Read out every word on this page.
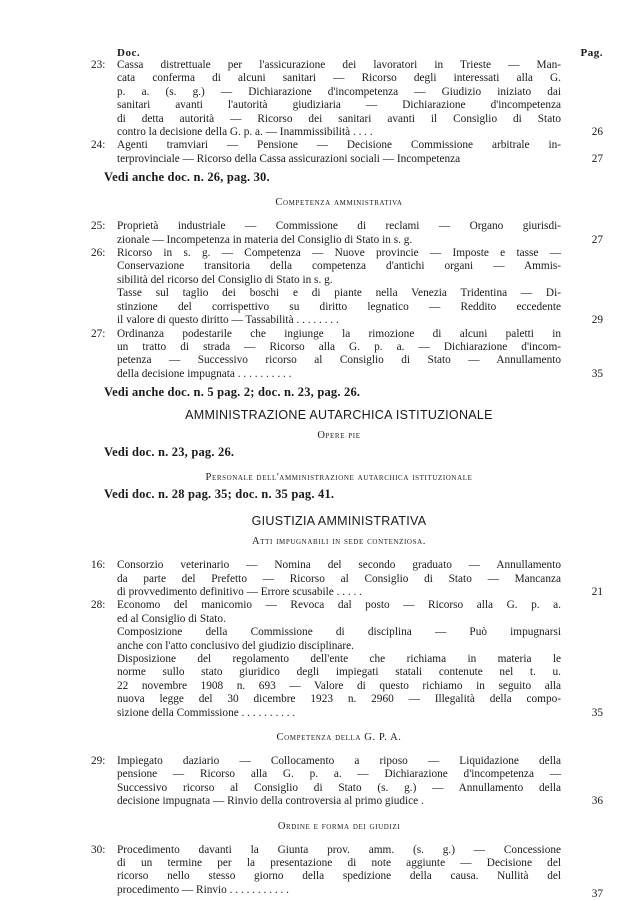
Doc.	Pag.
23:	Cassa distrettuale per l'assicurazione dei lavoratori in Trieste — Man-
cata conferma di alcuni sanitari — Ricorso degli interessati alla G.
p. a. (s. g.) — Dichiarazione d'incompetenza — Giudizio iniziato dai
sanitari avanti l'autorità giudiziaria — Dichiarazione d'incompetenza
di detta autorità — Ricorso dei sanitari avanti il Consiglio di Stato
contro la decisione della G. p. a. — Inammissibilità . . . .	26
24:	Agenti tramviari — Pensione — Decisione Commissione arbitrale in-
terprovinciale — Ricorso della Cassa assicurazioni sociali — Incompetenza	27
Vedi anche doc. n. 26, pag. 30.
Competenza amministrativa
25:	Proprietà industriale — Commissione di reclami — Organo giurisdi-
zionale — Incompetenza in materia del Consiglio di Stato in s. g.	27
26:	Ricorso in s. g. — Competenza — Nuove provincie — Imposte e tasse —
Conservazione transitoria della competenza d'antichi organi — Ammis-
sibilità del ricorso del Consiglio di Stato in s. g.
Tasse sul taglio dei boschi e di piante nella Venezia Tridentina — Di-
stinzione del corrispettivo su diritto legnatico — Reddito eccedente
il valore di questo diritto — Tassabilità . . . . . . . .	29
27:	Ordinanza podestarile che ingiunge la rimozione di alcuni paletti in
un tratto di strada — Ricorso alla G. p. a. — Dichiarazione d'incom-
petenza — Successivo ricorso al Consiglio di Stato — Annullamento
della decisione impugnata . . . . . . . . . .	35
Vedi anche doc. n. 5 pag. 2; doc. n. 23, pag. 26.
AMMINISTRAZIONE AUTARCHICA ISTITUZIONALE
Opere pie
Vedi doc. n. 23, pag. 26.
Personale dell'amministrazione autarchica istituzionale
Vedi doc. n. 28 pag. 35; doc. n. 35 pag. 41.
GIUSTIZIA AMMINISTRATIVA
Atti impugnabili in sede contenziosa.
16:	Consorzio veterinario — Nomina del secondo graduato — Annullamento
da parte del Prefetto — Ricorso al Consiglio di Stato — Mancanza
di provvedimento definitivo — Errore scusabile . . . . .	21
28:	Economo del manicomio — Revoca dal posto — Ricorso alla G. p. a.
ed al Consiglio di Stato.
Composizione della Commissione di disciplina — Può impugnarsi
anche con l'atto conclusivo del giudizio disciplinare.
Disposizione del regolamento dell'ente che richiama in materia le
norme sullo stato giuridico degli impiegati statali contenute nel t. u.
22 novembre 1908 n. 693 — Valore di questo richiamo in seguito alla
nuova legge del 30 dicembre 1923 n. 2960 — Illegalità della compo-
sizione della Commissione . . . . . . . . . .	35
Competenza della G. P. A.
29:	Impiegato daziario — Collocamento a riposo — Liquidazione della
pensione — Ricorso alla G. p. a. — Dichiarazione d'incompetenza —
Successivo ricorso al Consiglio di Stato (s. g.) — Annullamento della
decisione impugnata — Rinvio della controversia al primo giudice .	36
Ordine e forma dei giudizi
30:	Procedimento davanti la Giunta prov. amm. (s. g.) — Concessione
di un termine per la presentazione di note aggiunte — Decisione del
ricorso nello stesso giorno della spedizione della causa. Nullità del
procedimento — Rinvio . . . . . . . . . . .	37
